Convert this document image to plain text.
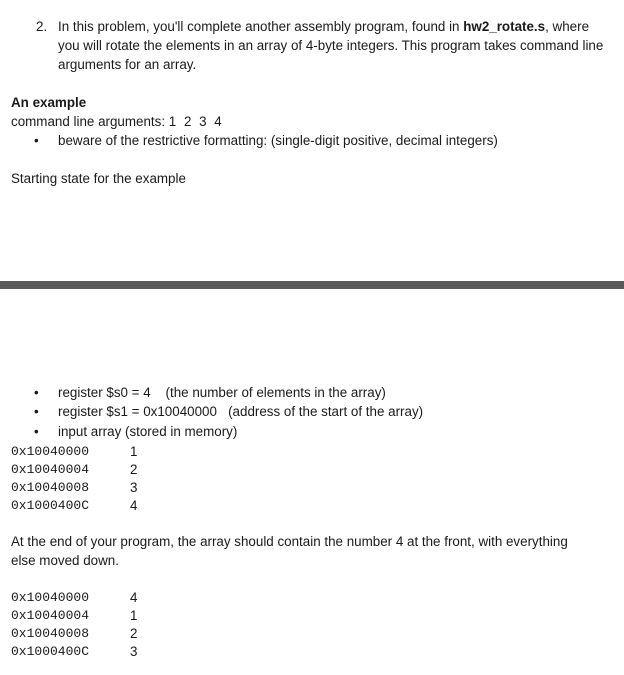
2. In this problem, you'll complete another assembly program, found in hw2_rotate.s, where you will rotate the elements in an array of 4-byte integers. This program takes command line arguments for an array.
An example
command line arguments: 1 2 3 4
• beware of the restrictive formatting: (single-digit positive, decimal integers)
Starting state for the example
• register $s0 = 4    (the number of elements in the array)
• register $s1 = 0x10040000   (address of the start of the array)
• input array (stored in memory)
0x10040000	1
0x10040004	2
0x10040008	3
0x1000400C	4
At the end of your program, the array should contain the number 4 at the front, with everything else moved down.
0x10040000	4
0x10040004	1
0x10040008	2
0x1000400C	3
